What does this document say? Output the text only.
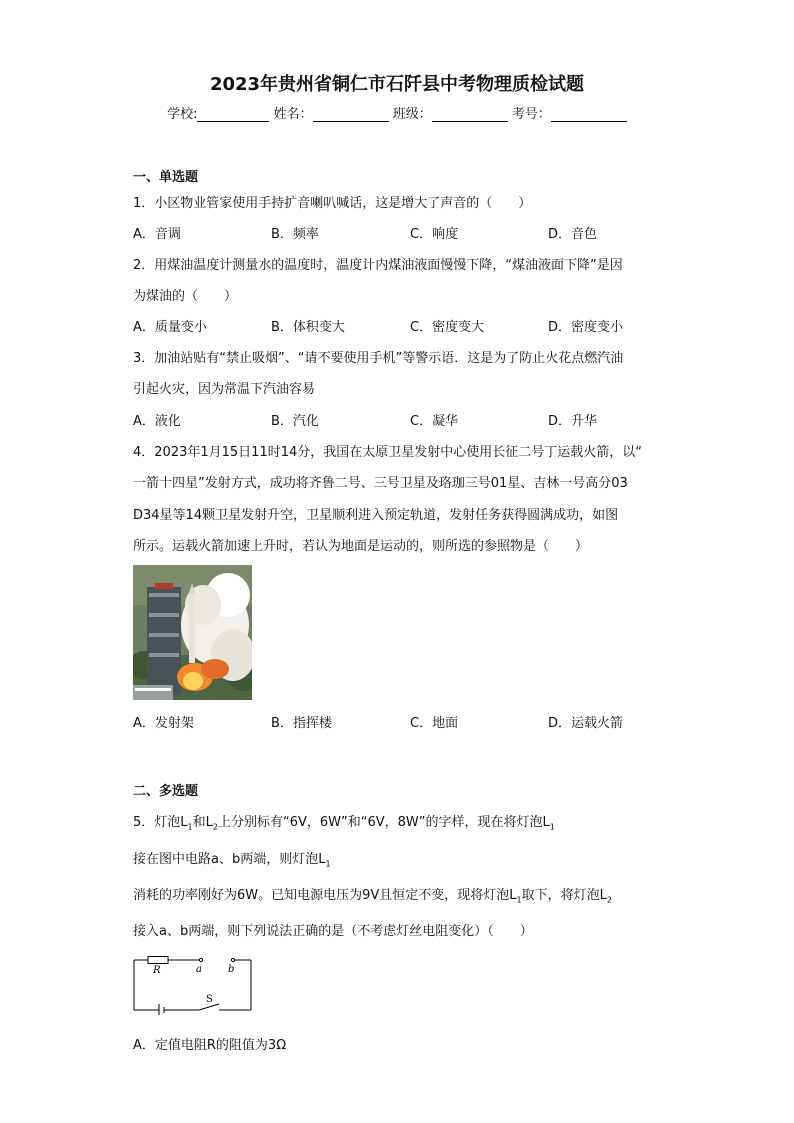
2023年贵州省铜仁市石阡县中考物理质检试题
学校:	姓名：	班级：	考号：
一、单选题
1．小区物业管家使用手持扩音喇叭喊话，这是增大了声音的（　　）
A．音调	B．频率	C．响度	D．音色
2．用煤油温度计测量水的温度时，温度计内煤油液面慢慢下降，“煤油液面下降”是因
为煤油的（　　）
A．质量变小	B．体积变大	C．密度变大	D．密度变小
3．加油站贴有“禁止吸烟”、“请不要使用手机”等警示语．这是为了防止火花点燃汽油
引起火灾，因为常温下汽油容易
A．液化	B．汽化	C．凝华	D．升华
4．2023年1月15日11时14分，我国在太原卫星发射中心使用长征二号丁运载火箭，以“
一箭十四星”发射方式，成功将齐鲁二号、三号卫星及珞珈三号01星、吉林一号高分03
D34星等14颗卫星发射升空，卫星顺利进入预定轨道，发射任务获得圆满成功，如图
所示。运载火箭加速上升时，若认为地面是运动的，则所选的参照物是（　　）
A．发射架	B．指挥楼	C．地面	D．运载火箭
二、多选题
5．灯泡$L_1$和$L_2$上分别标有“6V，6W”和“6V，8W”的字样，现在将灯泡$L_1$
接在图中电路a、b两端，则灯泡$L_1$
消耗的功率刚好为6W。已知电源电压为9V且恒定不变，现将灯泡$L_1$取下，将灯泡$L_2$
接入a、b两端，则下列说法正确的是（不考虑灯丝电阻变化）（　　）
R	a	b
S
A．定值电阻R的阻值为3Ω
